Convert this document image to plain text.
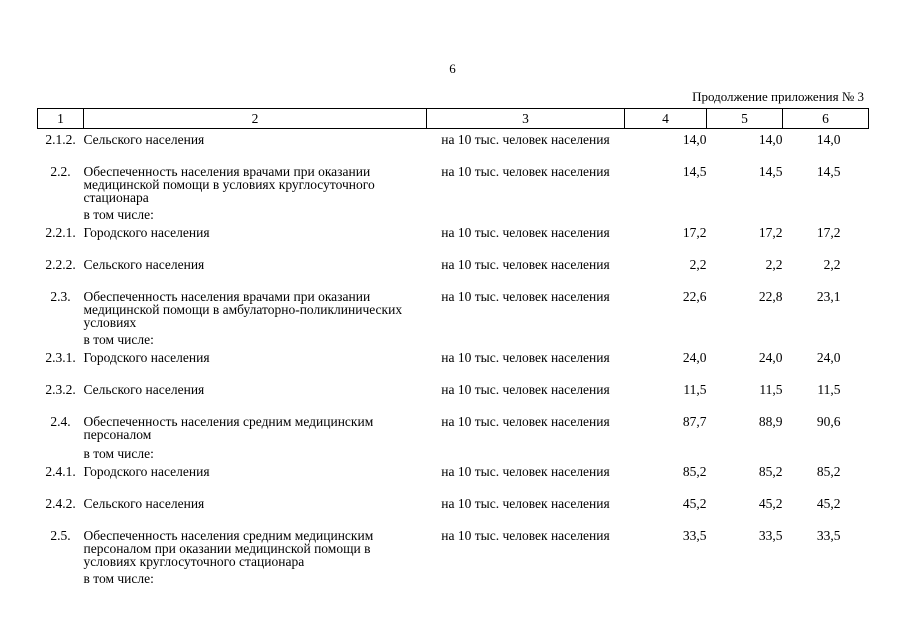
6
Продолжение приложения № 3
1	2	3	4	5	6
2.1.2.	Сельского населения	на 10 тыс. человек населения	14,0	14,0	14,0
2.2.	Обеспеченность населения врачами при оказании медицинской помощи в условиях круглосуточного стационара	на 10 тыс. человек населения	14,5	14,5	14,5
	в том числе:				
2.2.1.	Городского населения	на 10 тыс. человек населения	17,2	17,2	17,2
2.2.2.	Сельского населения	на 10 тыс. человек населения	2,2	2,2	2,2
2.3.	Обеспеченность населения врачами при оказании медицинской помощи в амбулаторно-поликлинических условиях	на 10 тыс. человек населения	22,6	22,8	23,1
	в том числе:				
2.3.1.	Городского населения	на 10 тыс. человек населения	24,0	24,0	24,0
2.3.2.	Сельского населения	на 10 тыс. человек населения	11,5	11,5	11,5
2.4.	Обеспеченность населения средним медицинским персоналом	на 10 тыс. человек населения	87,7	88,9	90,6
	в том числе:				
2.4.1.	Городского населения	на 10 тыс. человек населения	85,2	85,2	85,2
2.4.2.	Сельского населения	на 10 тыс. человек населения	45,2	45,2	45,2
2.5.	Обеспеченность населения средним медицинским персоналом при оказании медицинской помощи в условиях круглосуточного стационара	на 10 тыс. человек населения	33,5	33,5	33,5
	в том числе:				
